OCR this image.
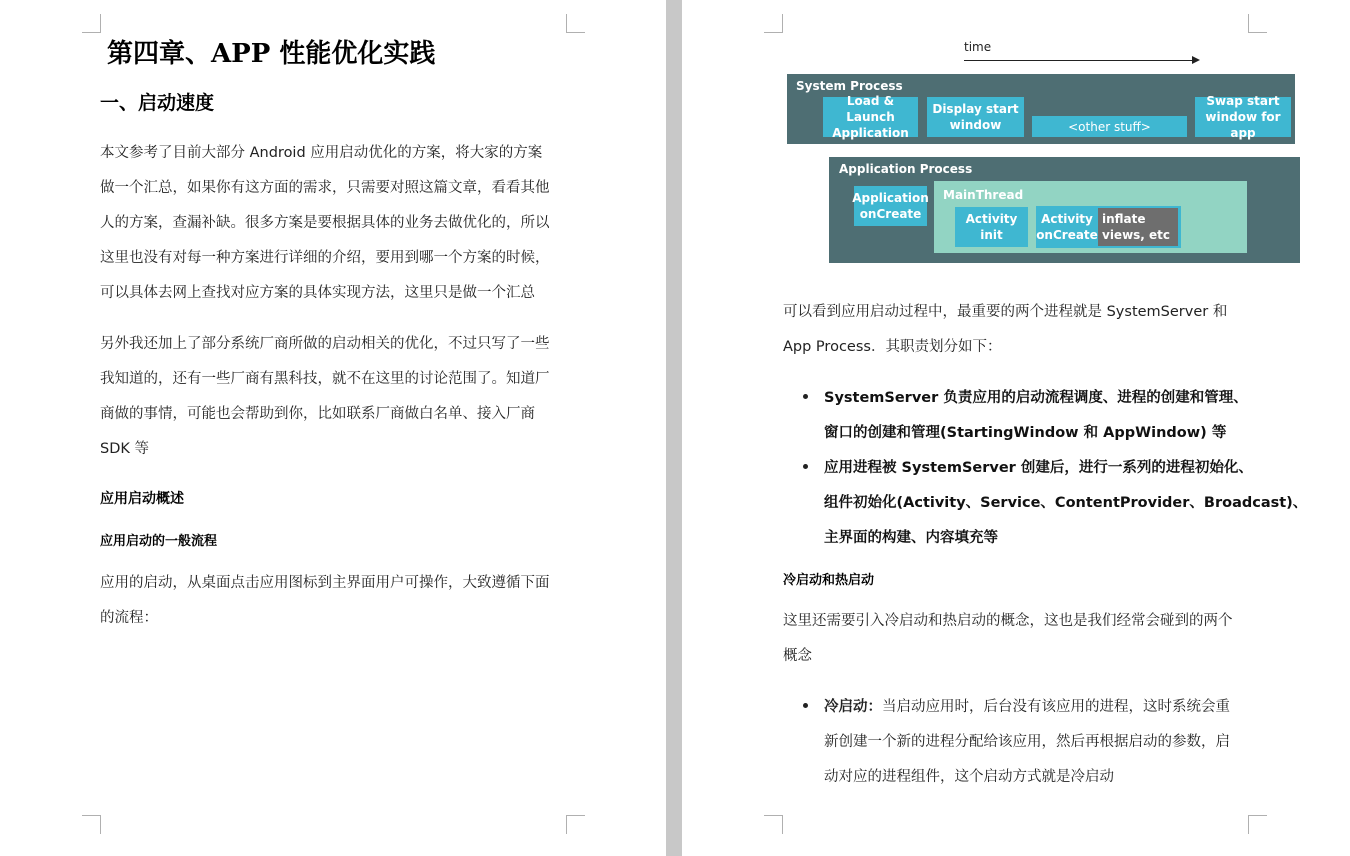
第四章、APP 性能优化实践
一、启动速度
本文参考了目前大部分 Android 应用启动优化的方案，将大家的方案
做一个汇总，如果你有这方面的需求，只需要对照这篇文章，看看其他
人的方案，查漏补缺。很多方案是要根据具体的业务去做优化的，所以
这里也没有对每一种方案进行详细的介绍，要用到哪一个方案的时候，
可以具体去网上查找对应方案的具体实现方法，这里只是做一个汇总
另外我还加上了部分系统厂商所做的启动相关的优化，不过只写了一些
我知道的，还有一些厂商有黑科技，就不在这里的讨论范围了。知道厂
商做的事情，可能也会帮助到你，比如联系厂商做白名单、接入厂商
SDK 等
应用启动概述
应用启动的一般流程
应用的启动，从桌面点击应用图标到主界面用户可操作，大致遵循下面
的流程：
time
System Process
Load & Launch
Application
Display start
window	<other stuff>
Swap start
window for app
Application Process
Application
onCreate
MainThread
Activity
init
Activity
onCreate
inflate
views, etc
可以看到应用启动过程中，最重要的两个进程就是 SystemServer 和
App Process．其职责划分如下：
SystemServer 负责应用的启动流程调度、进程的创建和管理、
窗口的创建和管理(StartingWindow 和 AppWindow) 等
应用进程被 SystemServer 创建后，进行一系列的进程初始化、
组件初始化(Activity、Service、ContentProvider、Broadcast)、
主界面的构建、内容填充等
冷启动和热启动
这里还需要引入冷启动和热启动的概念，这也是我们经常会碰到的两个
概念
冷启动：当启动应用时，后台没有该应用的进程，这时系统会重
新创建一个新的进程分配给该应用，然后再根据启动的参数，启
动对应的进程组件，这个启动方式就是冷启动
